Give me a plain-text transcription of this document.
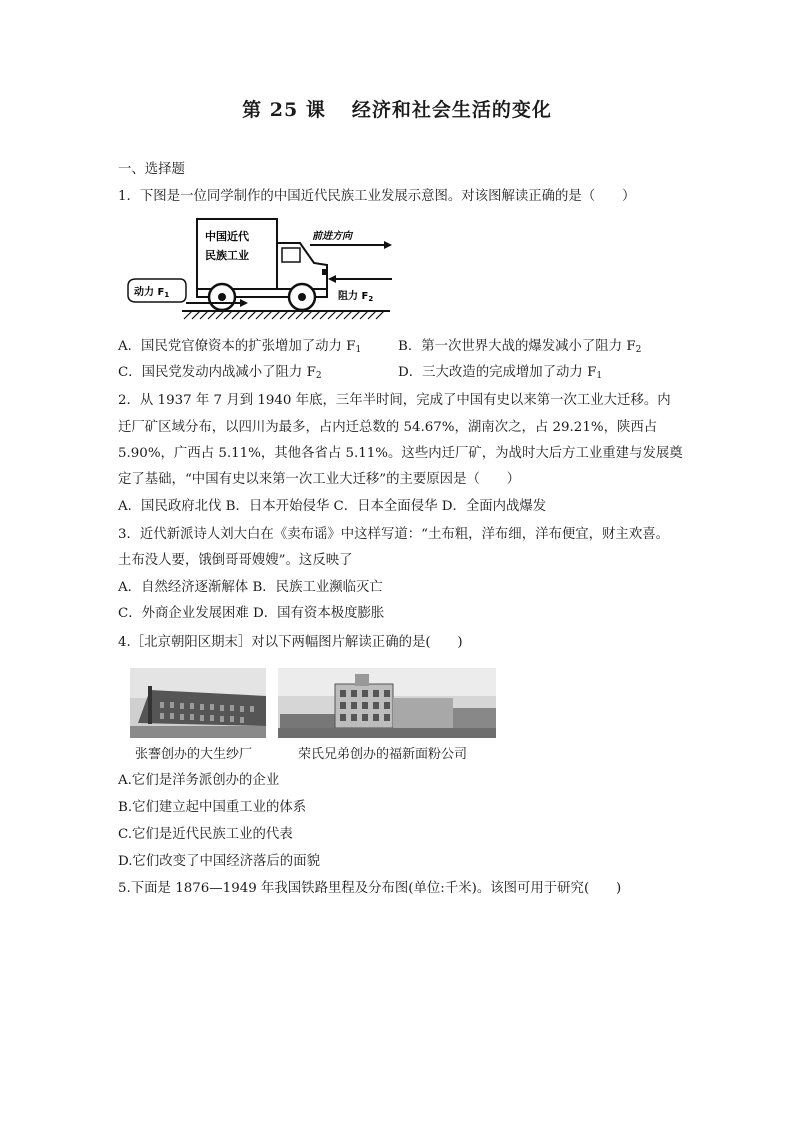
第 25 课 经济和社会生活的变化
一、选择题
1．下图是一位同学制作的中国近代民族工业发展示意图。对该图解读正确的是（　　）
中国近代
民族工业
前进方向
动力 $F_1$	阻力 $F_2$
A．国民党官僚资本的扩张增加了动力 $F_1$	B．第一次世界大战的爆发减小了阻力 $F_2$
C．国民党发动内战减小了阻力 $F_2$	D．三大改造的完成增加了动力 $F_1$
2．从 1937 年 7 月到 1940 年底，三年半时间，完成了中国有史以来第一次工业大迁移。内
迁厂矿区域分布，以四川为最多，占内迁总数的 54.67%，湖南次之，占 29.21%，陕西占
5.90%，广西占 5.11%，其他各省占 5.11%。这些内迁厂矿，为战时大后方工业重建与发展奠
定了基础，“中国有史以来第一次工业大迁移”的主要原因是（　　）
A．国民政府北伐 B．日本开始侵华 C．日本全面侵华 D．全面内战爆发
3．近代新派诗人刘大白在《卖布谣》中这样写道：“土布粗，洋布细，洋布便宜，财主欢喜。
土布没人要，饿倒哥哥嫂嫂”。这反映了
A．自然经济逐渐解体 B．民族工业濒临灭亡
C．外商企业发展困难 D．国有资本极度膨胀
4.［北京朝阳区期末］对以下两幅图片解读正确的是(　　)
张謇创办的大生纱厂	荣氏兄弟创办的福新面粉公司
A.它们是洋务派创办的企业
B.它们建立起中国重工业的体系
C.它们是近代民族工业的代表
D.它们改变了中国经济落后的面貌
5.下面是 1876—1949 年我国铁路里程及分布图(单位:千米)。该图可用于研究(　　)
